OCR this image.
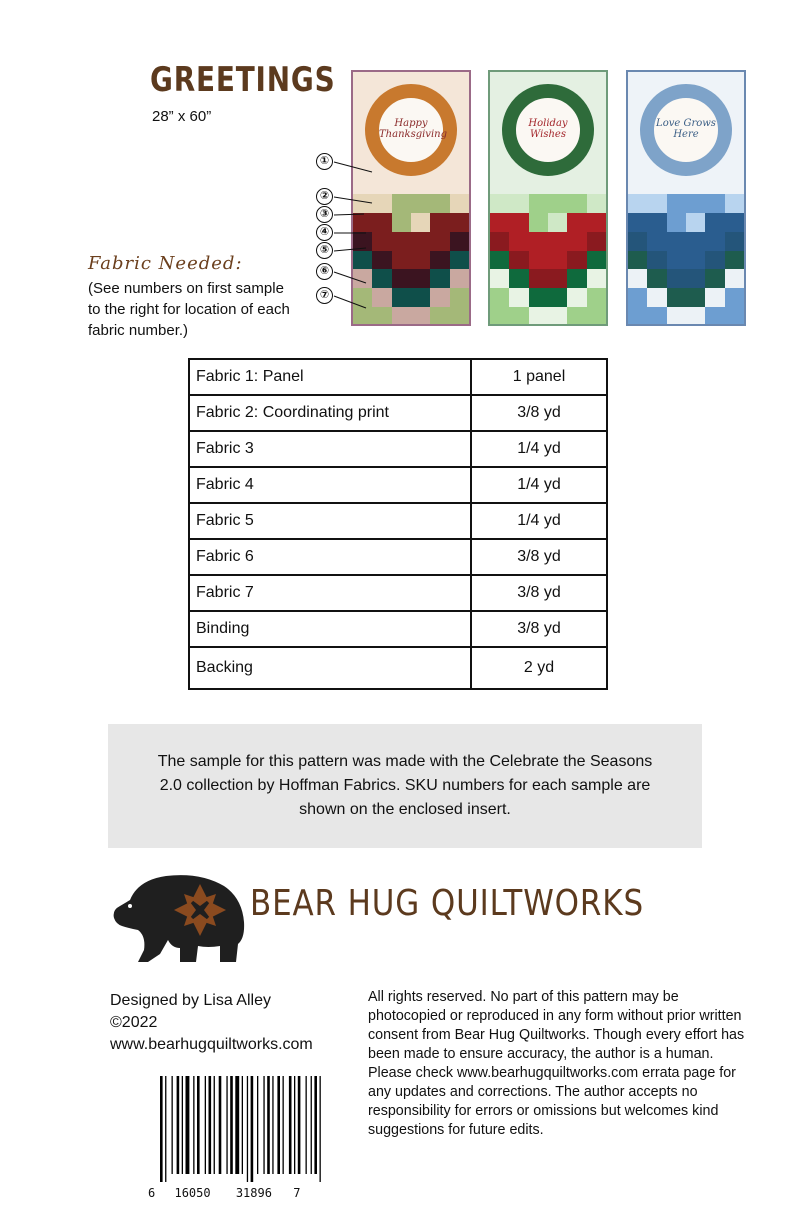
GREETINGS
28” x 60”	Happy Thanksgiving
Holiday Wishes
Love Grows Here
①
②
③
④
⑤
⑥
⑦
Fabric Needed:
(See numbers on first sample to the right for location of each fabric number.)
Fabric 1: Panel	1 panel
Fabric 2: Coordinating print	3/8 yd
Fabric 3	1/4 yd
Fabric 4	1/4 yd
Fabric 5	1/4 yd
Fabric 6	3/8 yd
Fabric 7	3/8 yd
Binding	3/8 yd
Backing	2 yd
The sample for this pattern was made with the Celebrate the Seasons
2.0 collection by Hoffman Fabrics. SKU numbers for each sample are
shown on the enclosed insert.
BEAR HUG QUILTWORKS
Designed by Lisa Alley
©2022
www.bearhugquiltworks.com
All rights reserved. No part of this pattern may be photocopied or reproduced in any form without prior written consent from Bear Hug Quiltworks. Though every effort has been made to ensure accuracy, the author is a human. Please check www.bearhugquiltworks.com errata page for any updates and corrections. The author accepts no responsibility for errors or omissions but welcomes kind suggestions for future edits.
6 16050 31896 7
